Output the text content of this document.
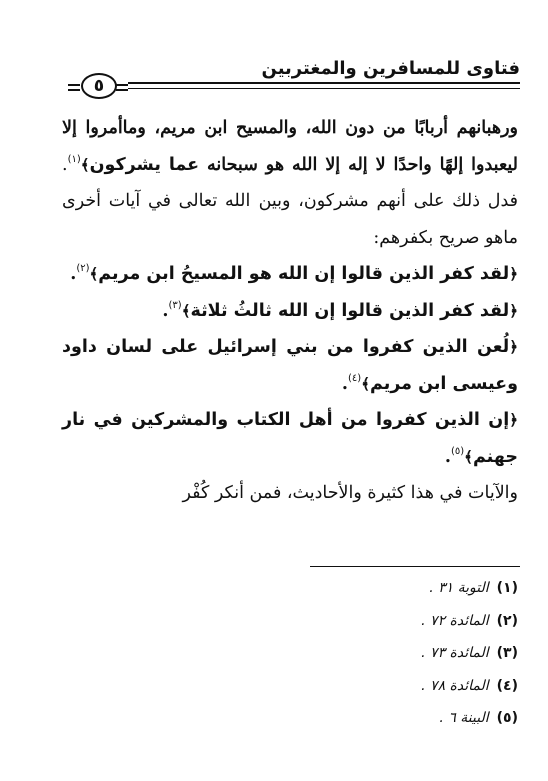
فتاوى للمسافرين والمغتربين
٥

ورهبانهم أربابًا من دون الله، والمسيح ابن مريم، وماأمروا إلا ليعبدوا إلهًا واحدًا لا إله إلا الله هو سبحانه عما يشركون﴾$^{(١)}$. فدل ذلك على أنهم مشركون، وبين الله تعالى في آيات أخرى ماهو صريح بكفرهم:

﴿لقد كفر الذين قالوا إن الله هو المسيحُ ابن مريم﴾$^{(٢)}$.

﴿لقد كفر الذين قالوا إن الله ثالثُ ثلاثة﴾$^{(٣)}$.

﴿لُعن الذين كفروا من بني إسرائيل على لسان داود وعيسى ابن مريم﴾$^{(٤)}$.

﴿إن الذين كفروا من أهل الكتاب والمشركين في نار جهنم﴾$^{(٥)}$.

والآيات في هذا كثيرة والأحاديث، فمن أنكر كُفْر

(١)التوبة ٣١ .
(٢)المائدة ٧٢ .
(٣)المائدة ٧٣ .
(٤)المائدة ٧٨ .
(٥)البينة ٦ .
